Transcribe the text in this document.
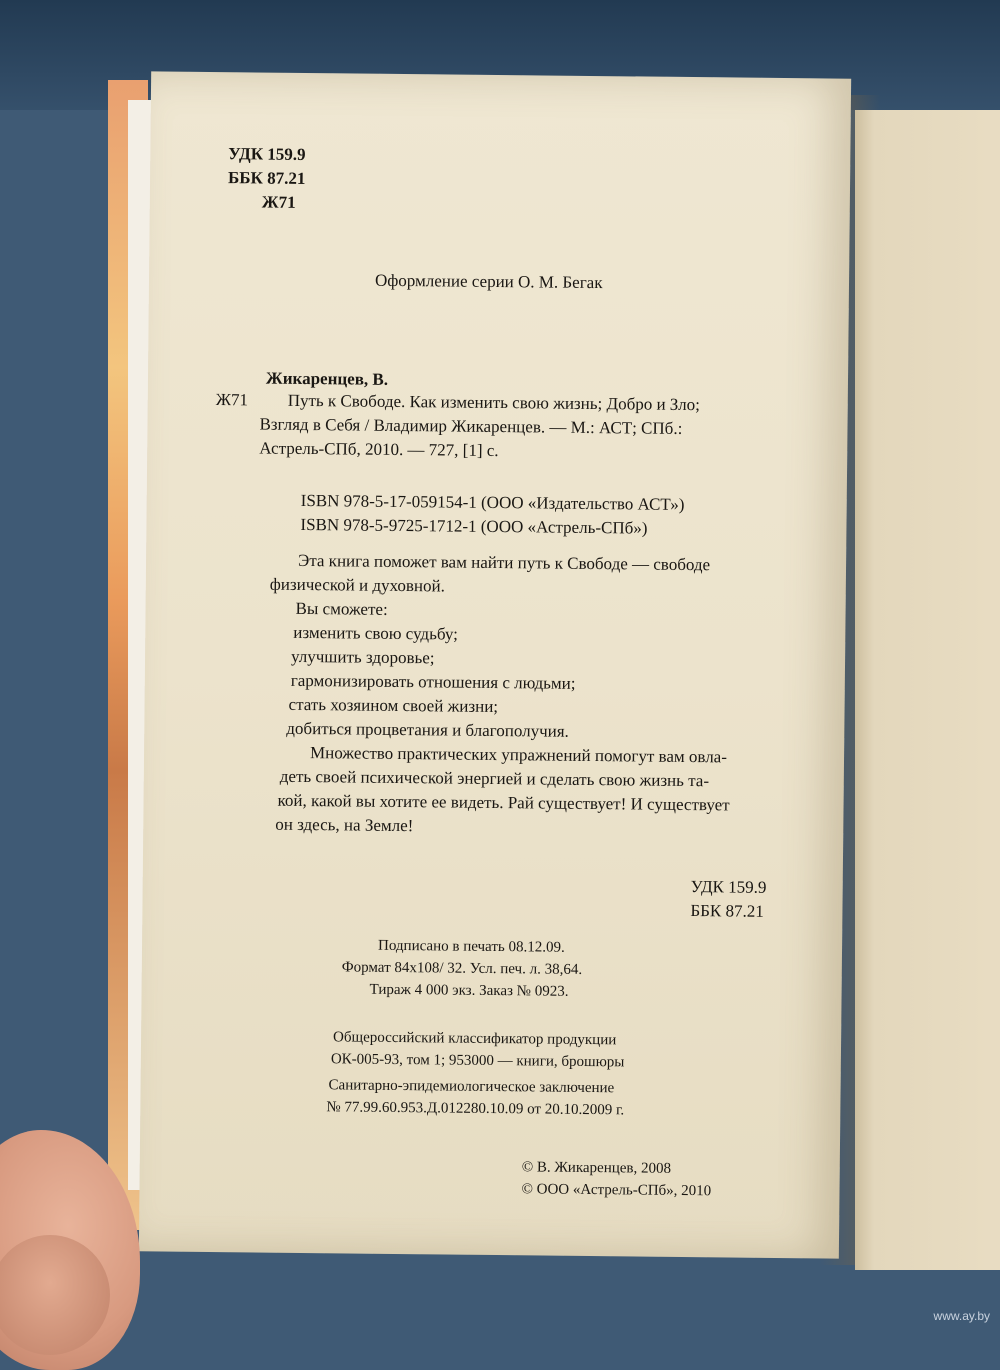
УДК 159.9
ББК 87.21
Ж71
Оформление серии О. М. Бегак
Жикаренцев, В.
Ж71 Путь к Свободе. Как изменить свою жизнь; Добро и Зло;
Взгляд в Себя / Владимир Жикаренцев. — М.: АСТ; СПб.:
Астрель-СПб, 2010. — 727, [1] с.
ISBN 978-5-17-059154-1 (ООО «Издательство АСТ»)
ISBN 978-5-9725-1712-1 (ООО «Астрель-СПб»)
Эта книга поможет вам найти путь к Свободе — свободе
физической и духовной.
Вы сможете:
изменить свою судьбу;
улучшить здоровье;
гармонизировать отношения с людьми;
стать хозяином своей жизни;
добиться процветания и благополучия.
Множество практических упражнений помогут вам овла-
деть своей психической энергией и сделать свою жизнь та-
кой, какой вы хотите ее видеть. Рай существует! И существует
он здесь, на Земле!
УДК 159.9
ББК 87.21
Подписано в печать 08.12.09.
Формат 84x108/ 32. Усл. печ. л. 38,64.
Тираж 4 000 экз. Заказ № 0923.
Общероссийский классификатор продукции
ОК-005-93, том 1; 953000 — книги, брошюры
Санитарно-эпидемиологическое заключение
№ 77.99.60.953.Д.012280.10.09 от 20.10.2009 г.
© В. Жикаренцев, 2008
© ООО «Астрель-СПб», 2010
www.ay.by
